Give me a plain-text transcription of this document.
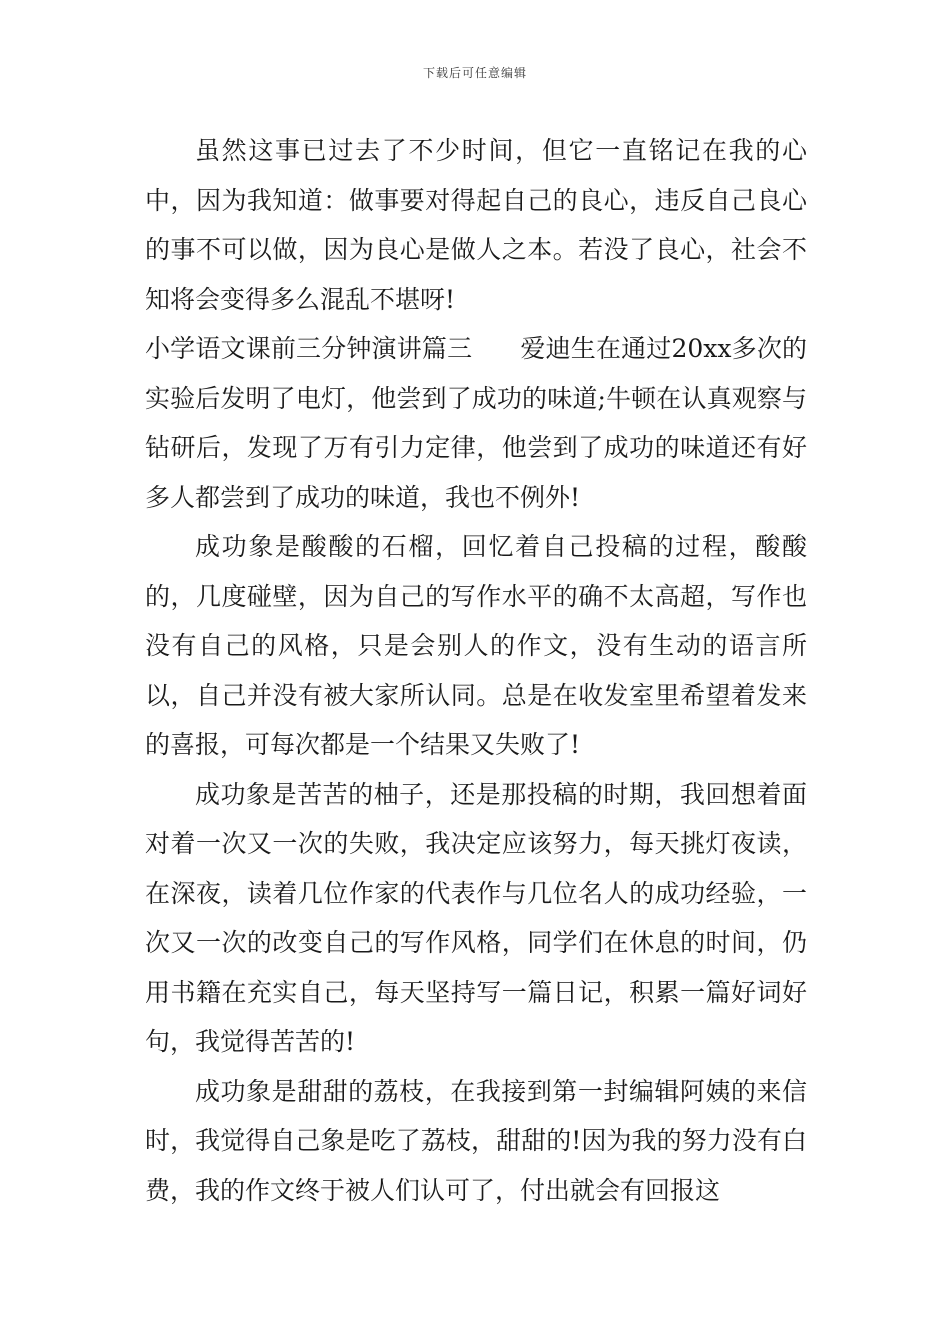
下载后可任意编辑

虽然这事已过去了不少时间，但它一直铭记在我的心中，因为我知道：做事要对得起自己的良心，违反自己良心的事不可以做，因为良心是做人之本。若没了良心，社会不知将会变得多么混乱不堪呀!

小学语文课前三分钟演讲篇三 爱迪生在通过20xx多次的实验后发明了电灯，他尝到了成功的味道;牛顿在认真观察与钻研后，发现了万有引力定律，他尝到了成功的味道还有好多人都尝到了成功的味道，我也不例外!

成功象是酸酸的石榴，回忆着自己投稿的过程，酸酸的，几度碰壁，因为自己的写作水平的确不太高超，写作也没有自己的风格，只是会别人的作文，没有生动的语言所以，自己并没有被大家所认同。总是在收发室里希望着发来的喜报，可每次都是一个结果又失败了!

成功象是苦苦的柚子，还是那投稿的时期，我回想着面对着一次又一次的失败，我决定应该努力，每天挑灯夜读，在深夜，读着几位作家的代表作与几位名人的成功经验，一次又一次的改变自己的写作风格，同学们在休息的时间，仍用书籍在充实自己，每天坚持写一篇日记，积累一篇好词好句，我觉得苦苦的!

成功象是甜甜的荔枝，在我接到第一封编辑阿姨的来信时，我觉得自己象是吃了荔枝，甜甜的!因为我的努力没有白费，我的作文终于被人们认可了，付出就会有回报这
